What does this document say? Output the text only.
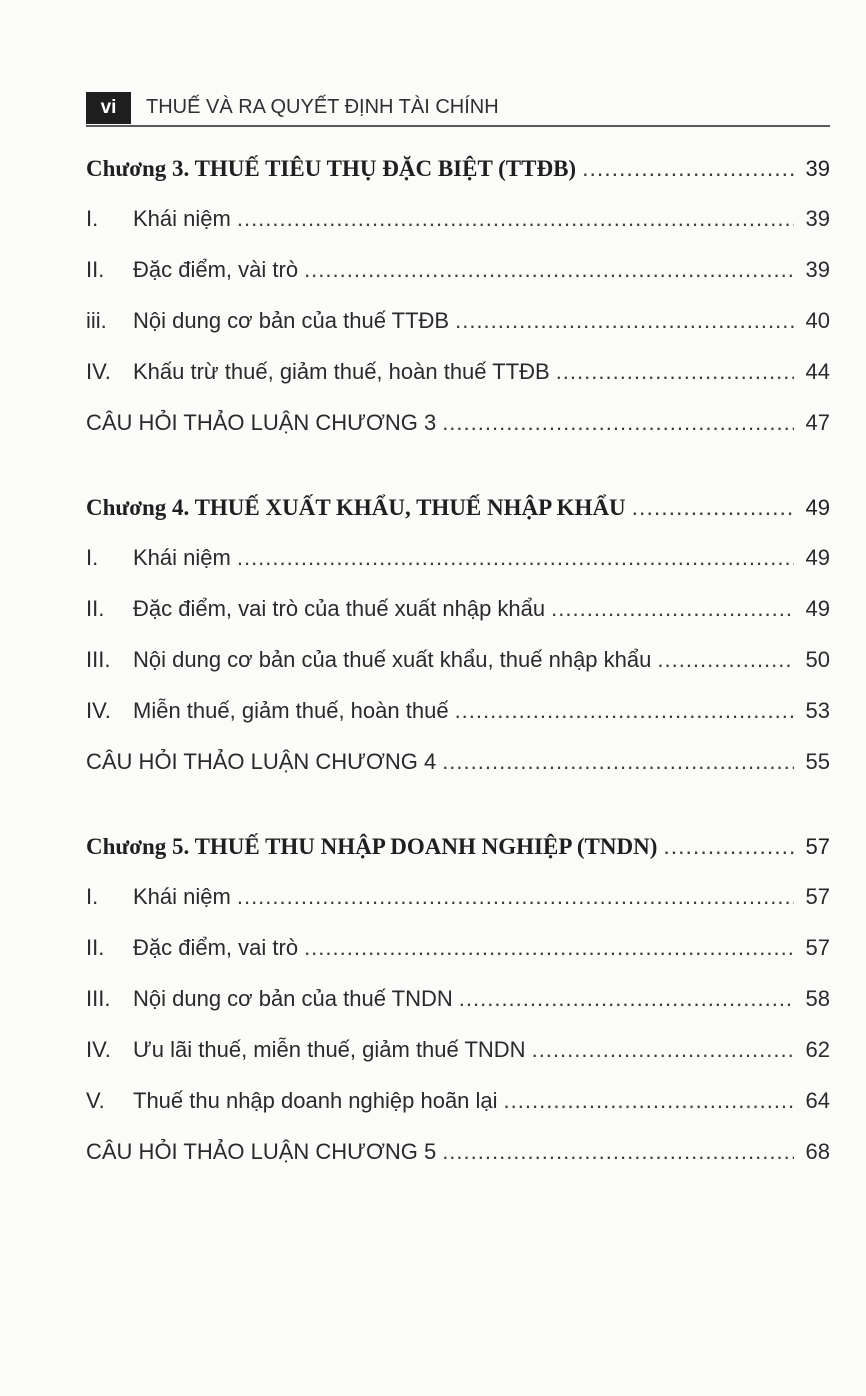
vi	THUẾ VÀ RA QUYẾT ĐỊNH TÀI CHÍNH
Chương 3. THUẾ TIÊU THỤ ĐẶC BIỆT (TTĐB) .....	39
I.	Khái niệm .....	39
II.	Đặc điểm, vài trò .....	39
iii.	Nội dung cơ bản của thuế TTĐB .....	40
IV.	Khấu trừ thuế, giảm thuế, hoàn thuế TTĐB .....	44
CÂU HỎI THẢO LUẬN CHƯƠNG 3 .....	47
Chương 4. THUẾ XUẤT KHẨU, THUẾ NHẬP KHẨU .....	49
I.	Khái niệm .....	49
II.	Đặc điểm, vai trò của thuế xuất nhập khẩu .....	49
III.	Nội dung cơ bản của thuế xuất khẩu, thuế nhập khẩu .....	50
IV.	Miễn thuế, giảm thuế, hoàn thuế .....	53
CÂU HỎI THẢO LUẬN CHƯƠNG 4 .....	55
Chương 5. THUẾ THU NHẬP DOANH NGHIỆP (TNDN) .....	57
I.	Khái niệm .....	57
II.	Đặc điểm, vai trò .....	57
III.	Nội dung cơ bản của thuế TNDN .....	58
IV.	Ưu lãi thuế, miễn thuế, giảm thuế TNDN .....	62
V.	Thuế thu nhập doanh nghiệp hoãn lại .....	64
CÂU HỎI THẢO LUẬN CHƯƠNG 5 .....	68
